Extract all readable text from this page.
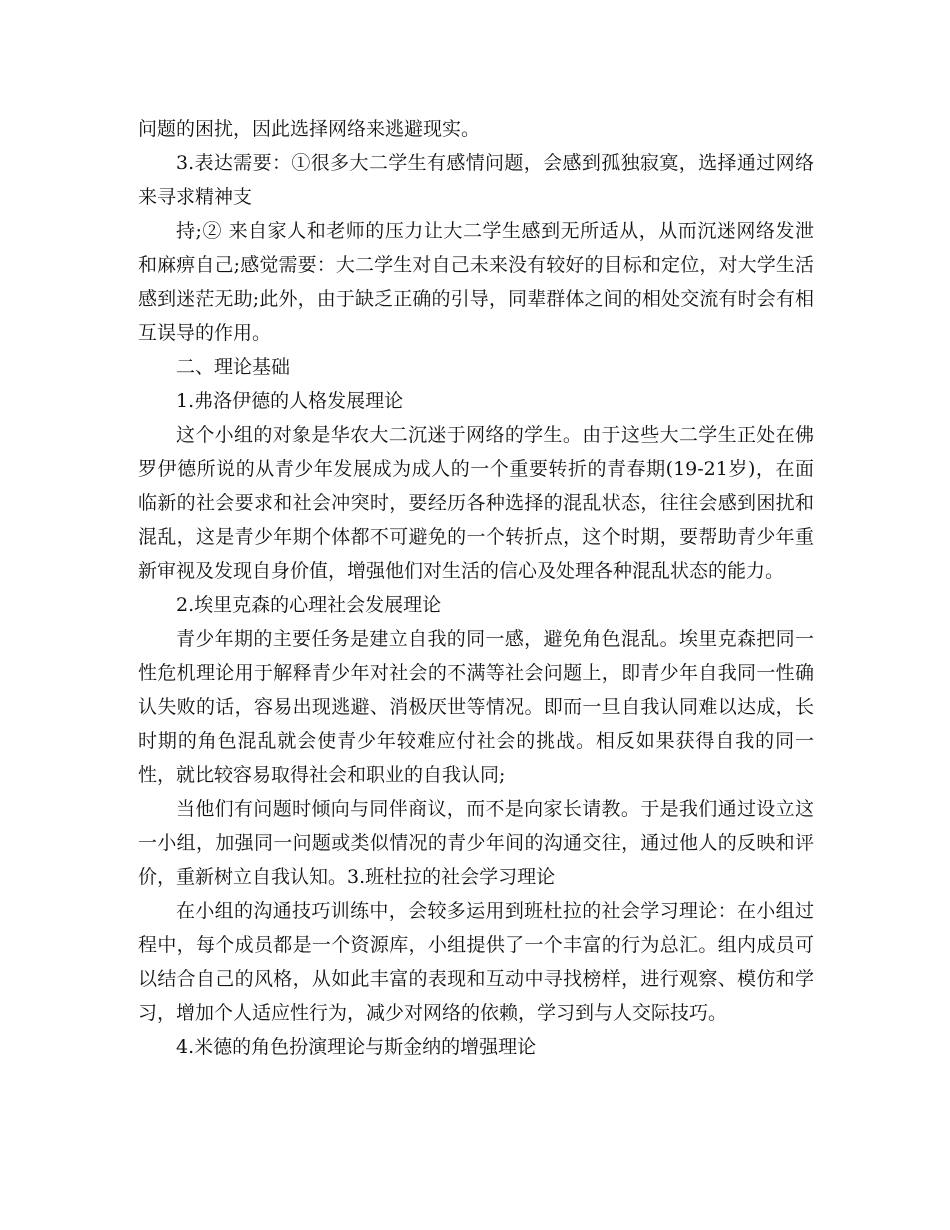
问题的困扰，因此选择网络来逃避现实。

3.表达需要：①很多大二学生有感情问题，会感到孤独寂寞，选择通过网络来寻求精神支

持;② 来自家人和老师的压力让大二学生感到无所适从，从而沉迷网络发泄和麻痹自己;感觉需要：大二学生对自己未来没有较好的目标和定位，对大学生活感到迷茫无助;此外，由于缺乏正确的引导，同辈群体之间的相处交流有时会有相互误导的作用。

二、理论基础

1.弗洛伊德的人格发展理论

这个小组的对象是华农大二沉迷于网络的学生。由于这些大二学生正处在佛罗伊德所说的从青少年发展成为成人的一个重要转折的青春期(19-21岁)，在面临新的社会要求和社会冲突时，要经历各种选择的混乱状态，往往会感到困扰和混乱，这是青少年期个体都不可避免的一个转折点，这个时期，要帮助青少年重新审视及发现自身价值，增强他们对生活的信心及处理各种混乱状态的能力。

2.埃里克森的心理社会发展理论

青少年期的主要任务是建立自我的同一感，避免角色混乱。埃里克森把同一性危机理论用于解释青少年对社会的不满等社会问题上，即青少年自我同一性确认失败的话，容易出现逃避、消极厌世等情况。即而一旦自我认同难以达成，长时期的角色混乱就会使青少年较难应付社会的挑战。相反如果获得自我的同一性，就比较容易取得社会和职业的自我认同;

当他们有问题时倾向与同伴商议，而不是向家长请教。于是我们通过设立这一小组，加强同一问题或类似情况的青少年间的沟通交往，通过他人的反映和评价，重新树立自我认知。3.班杜拉的社会学习理论

在小组的沟通技巧训练中，会较多运用到班杜拉的社会学习理论：在小组过程中，每个成员都是一个资源库，小组提供了一个丰富的行为总汇。组内成员可以结合自己的风格，从如此丰富的表现和互动中寻找榜样，进行观察、模仿和学习，增加个人适应性行为，减少对网络的依赖，学习到与人交际技巧。

4.米德的角色扮演理论与斯金纳的增强理论
